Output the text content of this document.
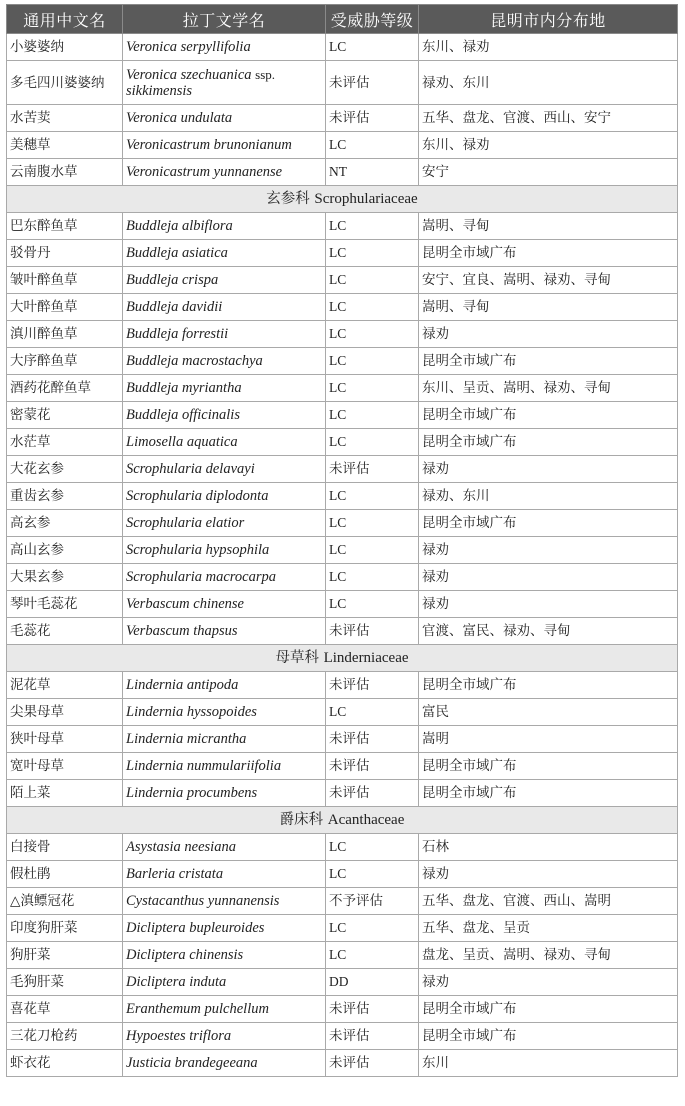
通用中文名	拉丁文学名	受威胁等级	昆明市内分布地
小婆婆纳	Veronica serpyllifolia	LC	东川、禄劝
多毛四川婆婆纳	Veronica szechuanica ssp.
sikkimensis	未评估	禄劝、东川
水苦荬	Veronica undulata	未评估	五华、盘龙、官渡、西山、安宁
美穗草	Veronicastrum brunonianum	LC	东川、禄劝
云南腹水草	Veronicastrum yunnanense	NT	安宁
玄参科 Scrophulariaceae			
巴东醉鱼草	Buddleja albiflora	LC	嵩明、寻甸
驳骨丹	Buddleja asiatica	LC	昆明全市域广布
皱叶醉鱼草	Buddleja crispa	LC	安宁、宜良、嵩明、禄劝、寻甸
大叶醉鱼草	Buddleja davidii	LC	嵩明、寻甸
滇川醉鱼草	Buddleja forrestii	LC	禄劝
大序醉鱼草	Buddleja macrostachya	LC	昆明全市域广布
酒药花醉鱼草	Buddleja myriantha	LC	东川、呈贡、嵩明、禄劝、寻甸
密蒙花	Buddleja officinalis	LC	昆明全市域广布
水茫草	Limosella aquatica	LC	昆明全市域广布
大花玄参	Scrophularia delavayi	未评估	禄劝
重齿玄参	Scrophularia diplodonta	LC	禄劝、东川
高玄参	Scrophularia elatior	LC	昆明全市域广布
高山玄参	Scrophularia hypsophila	LC	禄劝
大果玄参	Scrophularia macrocarpa	LC	禄劝
琴叶毛蕊花	Verbascum chinense	LC	禄劝
毛蕊花	Verbascum thapsus	未评估	官渡、富民、禄劝、寻甸
母草科 Linderniaceae			
泥花草	Lindernia antipoda	未评估	昆明全市域广布
尖果母草	Lindernia hyssopoides	LC	富民
狭叶母草	Lindernia micrantha	未评估	嵩明
宽叶母草	Lindernia nummulariifolia	未评估	昆明全市域广布
陌上菜	Lindernia procumbens	未评估	昆明全市域广布
爵床科 Acanthaceae			
白接骨	Asystasia neesiana	LC	石林
假杜鹃	Barleria cristata	LC	禄劝
△滇鳔冠花	Cystacanthus yunnanensis	不予评估	五华、盘龙、官渡、西山、嵩明
印度狗肝菜	Dicliptera bupleuroides	LC	五华、盘龙、呈贡
狗肝菜	Dicliptera chinensis	LC	盘龙、呈贡、嵩明、禄劝、寻甸
毛狗肝菜	Dicliptera induta	DD	禄劝
喜花草	Eranthemum pulchellum	未评估	昆明全市域广布
三花刀枪药	Hypoestes triflora	未评估	昆明全市域广布
虾衣花	Justicia brandegeeana	未评估	东川
